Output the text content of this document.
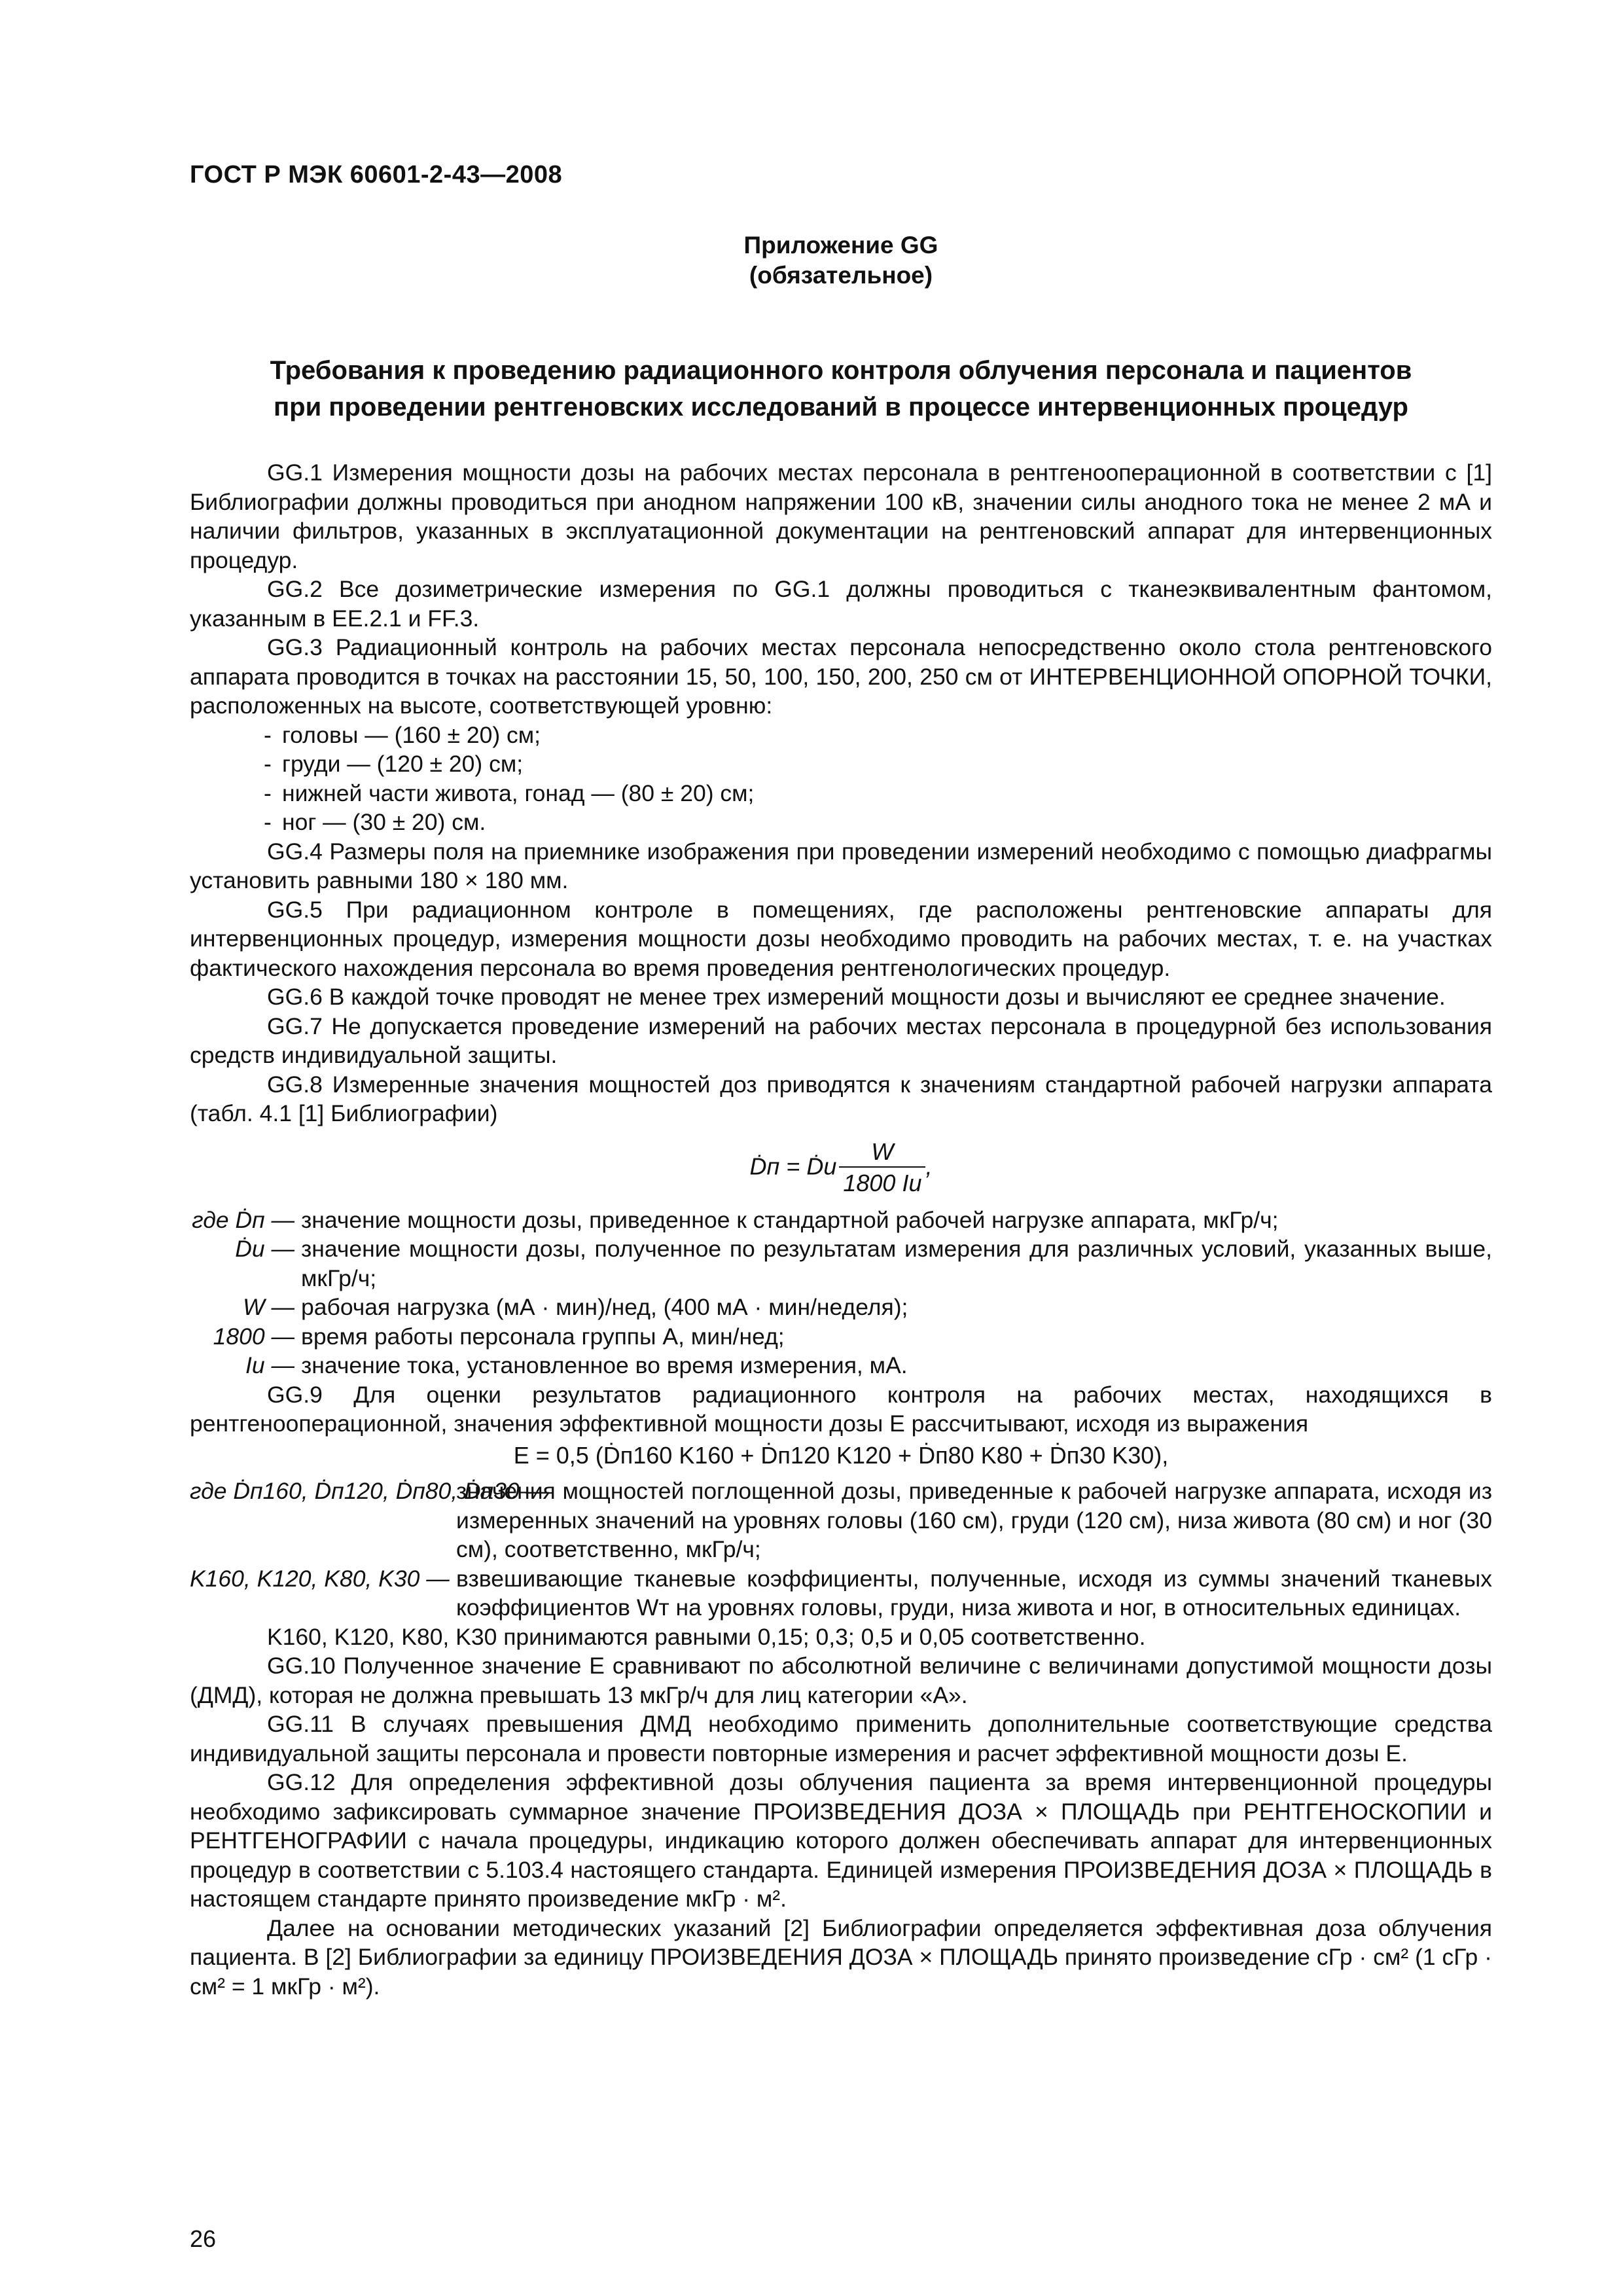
ГОСТ Р МЭК 60601-2-43—2008
Приложение GG
(обязательное)
Требования к проведению радиационного контроля облучения персонала и пациентов
при проведении рентгеновских исследований в процессе интервенционных процедур

GG.1 Измерения мощности дозы на рабочих местах персонала в рентгенооперационной в соответствии с [1] Библиографии должны проводиться при анодном напряжении 100 кВ, значении силы анодного тока не менее 2 мА и наличии фильтров, указанных в эксплуатационной документации на рентгеновский аппарат для интервенционных процедур.

GG.2 Все дозиметрические измерения по GG.1 должны проводиться с тканеэквивалентным фантомом, указанным в EE.2.1 и FF.3.

GG.3 Радиационный контроль на рабочих местах персонала непосредственно около стола рентгеновского аппарата проводится в точках на расстоянии 15, 50, 100, 150, 200, 250 см от ИНТЕРВЕНЦИОННОЙ ОПОРНОЙ ТОЧКИ, расположенных на высоте, соответствующей уровню:

- головы — (160 ± 20) см;
- груди — (120 ± 20) см;
- нижней части живота, гонад — (80 ± 20) см;
- ног — (30 ± 20) см.

GG.4 Размеры поля на приемнике изображения при проведении измерений необходимо с помощью диафрагмы установить равными 180 × 180 мм.

GG.5 При радиационном контроле в помещениях, где расположены рентгеновские аппараты для интервенционных процедур, измерения мощности дозы необходимо проводить на рабочих местах, т. е. на участках фактического нахождения персонала во время проведения рентгенологических процедур.

GG.6 В каждой точке проводят не менее трех измерений мощности дозы и вычисляют ее среднее значение.

GG.7 Не допускается проведение измерений на рабочих местах персонала в процедурной без использования средств индивидуальной защиты.

GG.8 Измеренные значения мощностей доз приводятся к значениям стандартной рабочей нагрузки аппарата (табл. 4.1 [1] Библиографии)

Ḋп = Ḋи $\frac{W}{1800 Iи}$ ,
где Ḋп — значение мощности дозы, приведенное к стандартной рабочей нагрузке аппарата, мкГр/ч;
Ḋи — значение мощности дозы, полученное по результатам измерения для различных условий, указанных выше, мкГр/ч;
W — рабочая нагрузка (мА · мин)/нед, (400 мА · мин/неделя);
1800 — время работы персонала группы А, мин/нед;
Iи — значение тока, установленное во время измерения, мА.

GG.9 Для оценки результатов радиационного контроля на рабочих местах, находящихся в рентгенооперационной, значения эффективной мощности дозы E рассчитывают, исходя из выражения

E = 0,5 (Ḋп160 K160 + Ḋп120 K120 + Ḋп80 K80 + Ḋп30 K30),
где Ḋп160, Ḋп120, Ḋп80, Ḋп30 —
значения мощностей поглощенной дозы, приведенные к рабочей нагрузке аппарата, исходя из измеренных значений на уровнях головы (160 см), груди (120 см), низа живота (80 см) и ног (30 см), соответственно, мкГр/ч;
K160, K120, K80, K30 — взвешивающие тканевые коэффициенты, полученные, исходя из суммы значений тканевых коэффициентов Wт на уровнях головы, груди, низа живота и ног, в относительных единицах.

K160, K120, K80, K30 принимаются равными 0,15; 0,3; 0,5 и 0,05 соответственно.

GG.10 Полученное значение E сравнивают по абсолютной величине с величинами допустимой мощности дозы (ДМД), которая не должна превышать 13 мкГр/ч для лиц категории «А».

GG.11 В случаях превышения ДМД необходимо применить дополнительные соответствующие средства индивидуальной защиты персонала и провести повторные измерения и расчет эффективной мощности дозы E.

GG.12 Для определения эффективной дозы облучения пациента за время интервенционной процедуры необходимо зафиксировать суммарное значение ПРОИЗВЕДЕНИЯ ДОЗА × ПЛОЩАДЬ при РЕНТГЕНОСКОПИИ и РЕНТГЕНОГРАФИИ с начала процедуры, индикацию которого должен обеспечивать аппарат для интервенционных процедур в соответствии с 5.103.4 настоящего стандарта. Единицей измерения ПРОИЗВЕДЕНИЯ ДОЗА × ПЛОЩАДЬ в настоящем стандарте принято произведение мкГр · м².

Далее на основании методических указаний [2] Библиографии определяется эффективная доза облучения пациента. В [2] Библиографии за единицу ПРОИЗВЕДЕНИЯ ДОЗА × ПЛОЩАДЬ принято произведение сГр · см² (1 сГр · см² = 1 мкГр · м²).

26
